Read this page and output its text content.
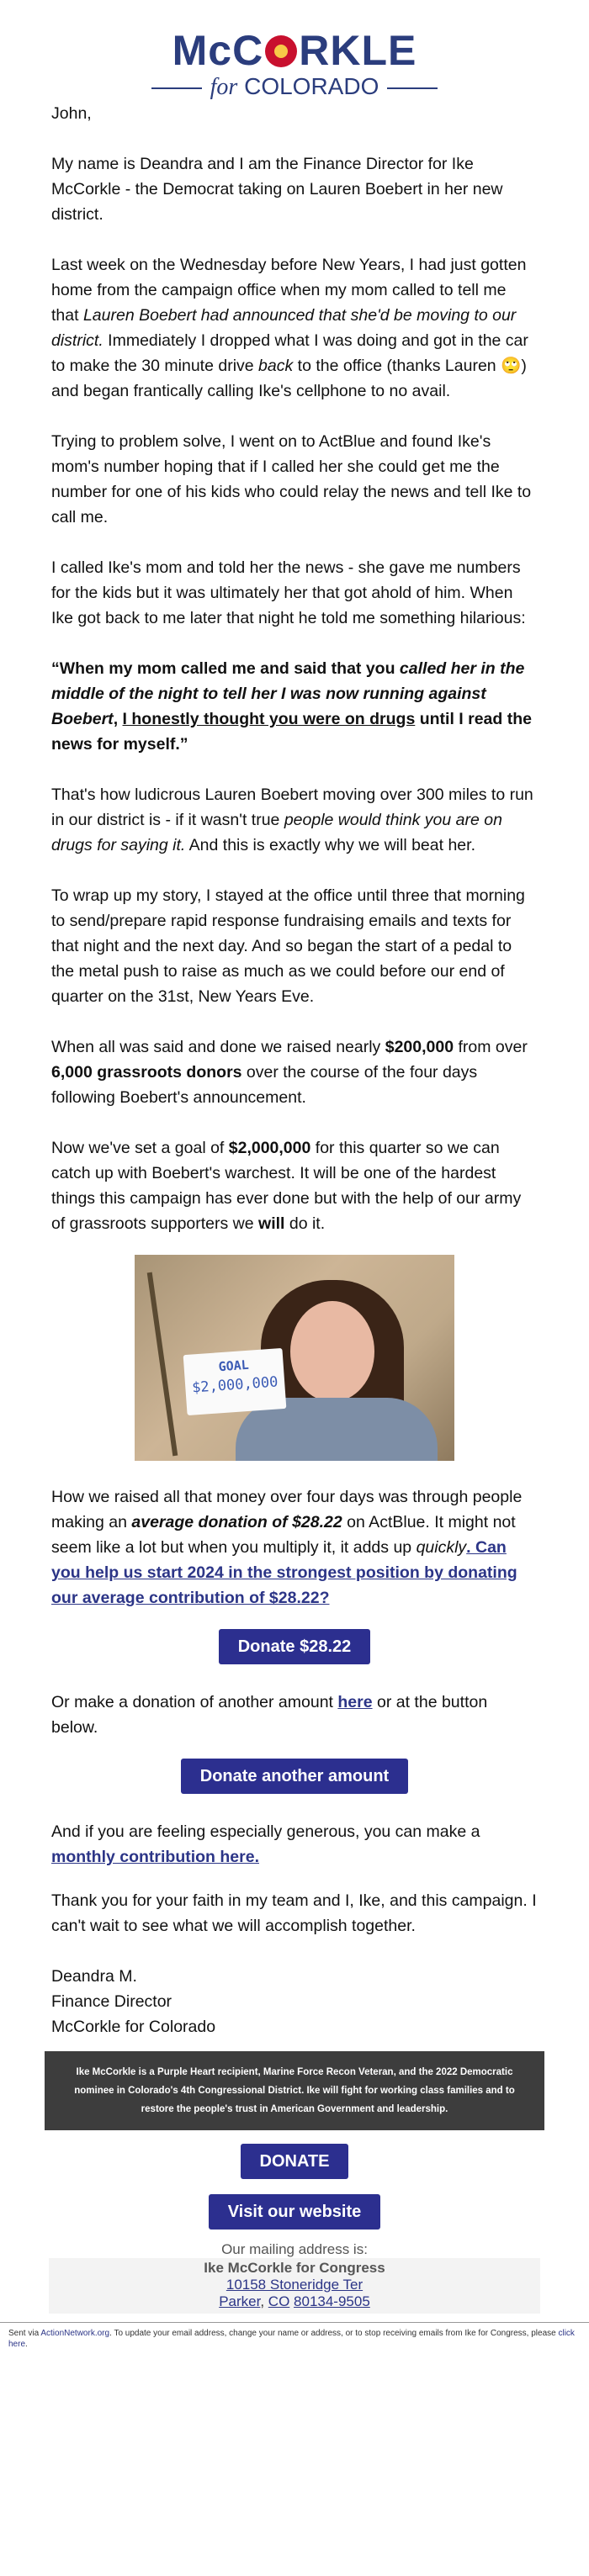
McC RKLE
for COLORADO

John,

My name is Deandra and I am the Finance Director for Ike McCorkle - the Democrat taking on Lauren Boebert in her new district.

Last week on the Wednesday before New Years, I had just gotten home from the campaign office when my mom called to tell me that Lauren Boebert had announced that she'd be moving to our district. Immediately I dropped what I was doing and got in the car to make the 30 minute drive back to the office (thanks Lauren 🙄) and began frantically calling Ike's cellphone to no avail.

Trying to problem solve, I went on to ActBlue and found Ike's mom's number hoping that if I called her she could get me the number for one of his kids who could relay the news and tell Ike to call me.

I called Ike's mom and told her the news - she gave me numbers for the kids but it was ultimately her that got ahold of him. When Ike got back to me later that night he told me something hilarious:

“When my mom called me and said that you called her in the middle of the night to tell her I was now running against Boebert, I honestly thought you were on drugs until I read the news for myself.”

That's how ludicrous Lauren Boebert moving over 300 miles to run in our district is - if it wasn't true people would think you are on drugs for saying it. And this is exactly why we will beat her.

To wrap up my story, I stayed at the office until three that morning to send/prepare rapid response fundraising emails and texts for that night and the next day. And so began the start of a pedal to the metal push to raise as much as we could before our end of quarter on the 31st, New Years Eve.

When all was said and done we raised nearly $200,000 from over 6,000 grassroots donors over the course of the four days following Boebert's announcement.

Now we've set a goal of $2,000,000 for this quarter so we can catch up with Boebert's warchest. It will be one of the hardest things this campaign has ever done but with the help of our army of grassroots supporters we will do it.

GOAL
$2,000,000

How we raised all that money over four days was through people making an average donation of $28.22 on ActBlue. It might not seem like a lot but when you multiply it, it adds up quickly. Can you help us start 2024 in the strongest position by donating our average contribution of $28.22?

Donate $28.22

Or make a donation of another amount here or at the button below.

Donate another amount

And if you are feeling especially generous, you can make a monthly contribution here.

Thank you for your faith in my team and I, Ike, and this campaign. I can't wait to see what we will accomplish together.

Deandra M.
Finance Director
McCorkle for Colorado

Ike McCorkle is a Purple Heart recipient, Marine Force Recon Veteran, and the 2022 Democratic nominee in Colorado's 4th Congressional District. Ike will fight for working class families and to restore the people's trust in American Government and leadership.
DONATE
Visit our website
Our mailing address is:
Ike McCorkle for Congress
10158 Stoneridge Ter
Parker, CO 80134-9505
Sent via ActionNetwork.org. To update your email address, change your name or address, or to stop receiving emails from Ike for Congress, please click here.
